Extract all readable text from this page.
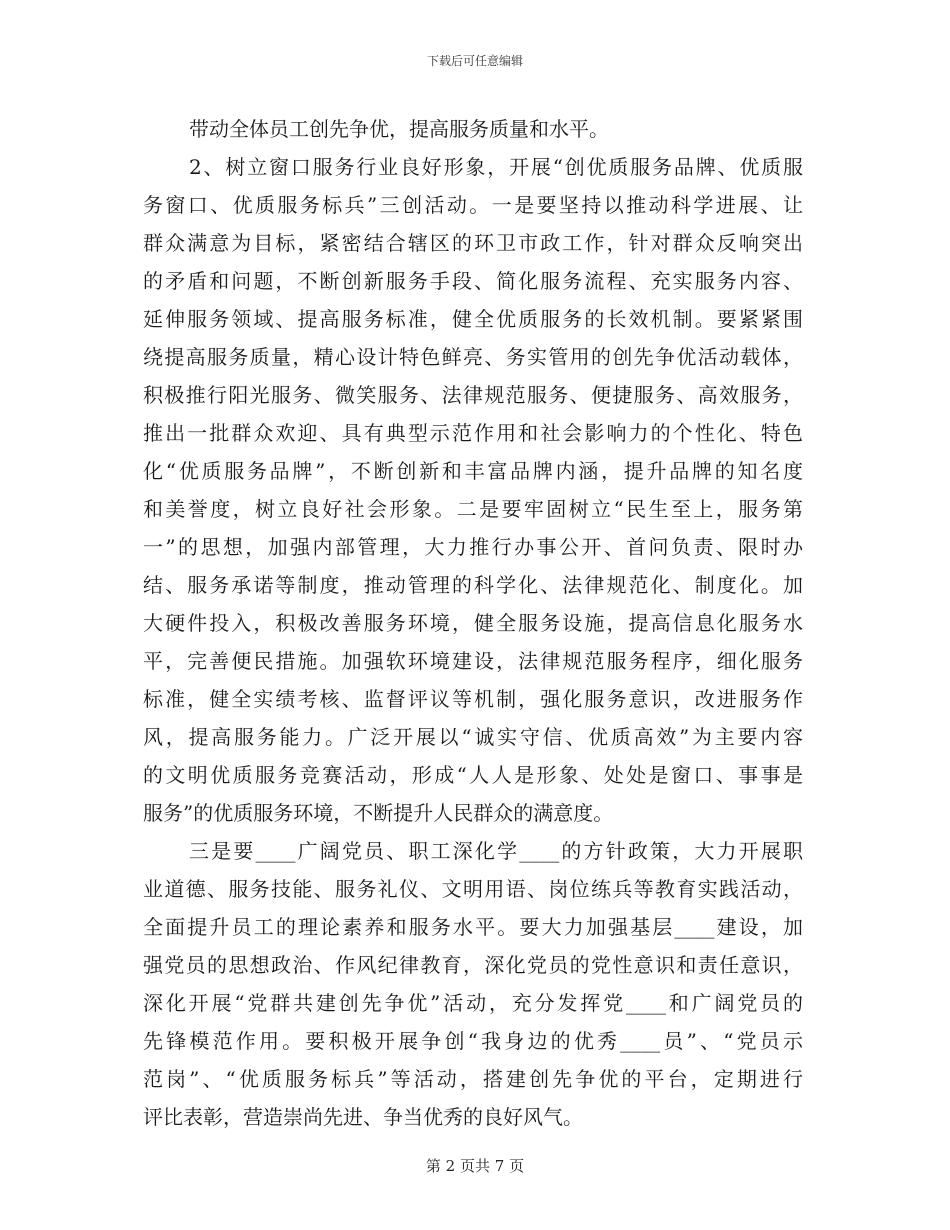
下载后可任意编辑
带动全体员工创先争优，提高服务质量和水平。
2、树立窗口服务行业良好形象，开展“创优质服务品牌、优质服
务窗口、优质服务标兵”三创活动。一是要坚持以推动科学进展、让
群众满意为目标，紧密结合辖区的环卫市政工作，针对群众反响突出
的矛盾和问题，不断创新服务手段、简化服务流程、充实服务内容、
延伸服务领域、提高服务标准，健全优质服务的长效机制。要紧紧围
绕提高服务质量，精心设计特色鲜亮、务实管用的创先争优活动载体，
积极推行阳光服务、微笑服务、法律规范服务、便捷服务、高效服务，
推出一批群众欢迎、具有典型示范作用和社会影响力的个性化、特色
化“优质服务品牌”，不断创新和丰富品牌内涵，提升品牌的知名度
和美誉度，树立良好社会形象。二是要牢固树立“民生至上，服务第
一”的思想，加强内部管理，大力推行办事公开、首问负责、限时办
结、服务承诺等制度，推动管理的科学化、法律规范化、制度化。加
大硬件投入，积极改善服务环境，健全服务设施，提高信息化服务水
平，完善便民措施。加强软环境建设，法律规范服务程序，细化服务
标准，健全实绩考核、监督评议等机制，强化服务意识，改进服务作
风，提高服务能力。广泛开展以“诚实守信、优质高效”为主要内容
的文明优质服务竞赛活动，形成“人人是形象、处处是窗口、事事是
服务”的优质服务环境，不断提升人民群众的满意度。
三是要____广阔党员、职工深化学____的方针政策，大力开展职
业道德、服务技能、服务礼仪、文明用语、岗位练兵等教育实践活动，
全面提升员工的理论素养和服务水平。要大力加强基层____建设，加
强党员的思想政治、作风纪律教育，深化党员的党性意识和责任意识，
深化开展“党群共建创先争优”活动，充分发挥党____和广阔党员的
先锋模范作用。要积极开展争创“我身边的优秀____员”、“党员示
范岗”、“优质服务标兵”等活动，搭建创先争优的平台，定期进行
评比表彰，营造崇尚先进、争当优秀的良好风气。
第 2 页共 7 页
